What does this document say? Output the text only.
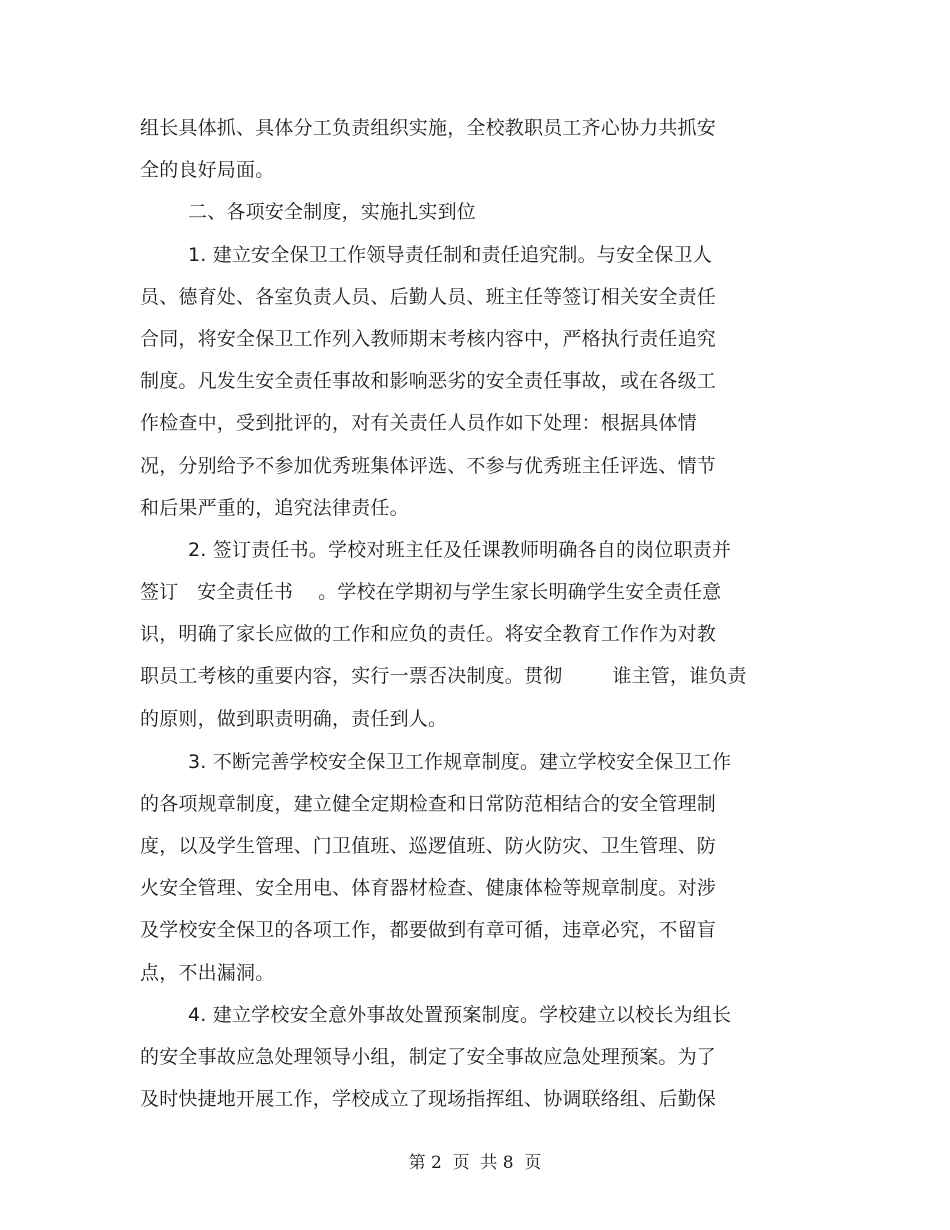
组长具体抓、具体分工负责组织实施，全校教职员工齐心协力共抓安
全的良好局面。
二、各项安全制度，实施扎实到位
1. 建立安全保卫工作领导责任制和责任追究制。与安全保卫人
员、德育处、各室负责人员、后勤人员、班主任等签订相关安全责任
合同，将安全保卫工作列入教师期末考核内容中，严格执行责任追究
制度。凡发生安全责任事故和影响恶劣的安全责任事故，或在各级工
作检查中，受到批评的，对有关责任人员作如下处理：根据具体情
况，分别给予不参加优秀班集体评选、不参与优秀班主任评选、情节
和后果严重的，追究法律责任。
2. 签订责任书。学校对班主任及任课教师明确各自的岗位职责并
签订   安全责任书    。学校在学期初与学生家长明确学生安全责任意
识，明确了家长应做的工作和应负的责任。将安全教育工作作为对教
职员工考核的重要内容，实行一票否决制度。贯彻        谁主管，谁负责
的原则，做到职责明确，责任到人。
3. 不断完善学校安全保卫工作规章制度。建立学校安全保卫工作
的各项规章制度，建立健全定期检查和日常防范相结合的安全管理制
度，以及学生管理、门卫值班、巡逻值班、防火防灾、卫生管理、防
火安全管理、安全用电、体育器材检查、健康体检等规章制度。对涉
及学校安全保卫的各项工作，都要做到有章可循，违章必究，不留盲
点，不出漏洞。
4. 建立学校安全意外事故处置预案制度。学校建立以校长为组长
的安全事故应急处理领导小组，制定了安全事故应急处理预案。为了
及时快捷地开展工作，学校成立了现场指挥组、协调联络组、后勤保
第 2  页  共 8  页
